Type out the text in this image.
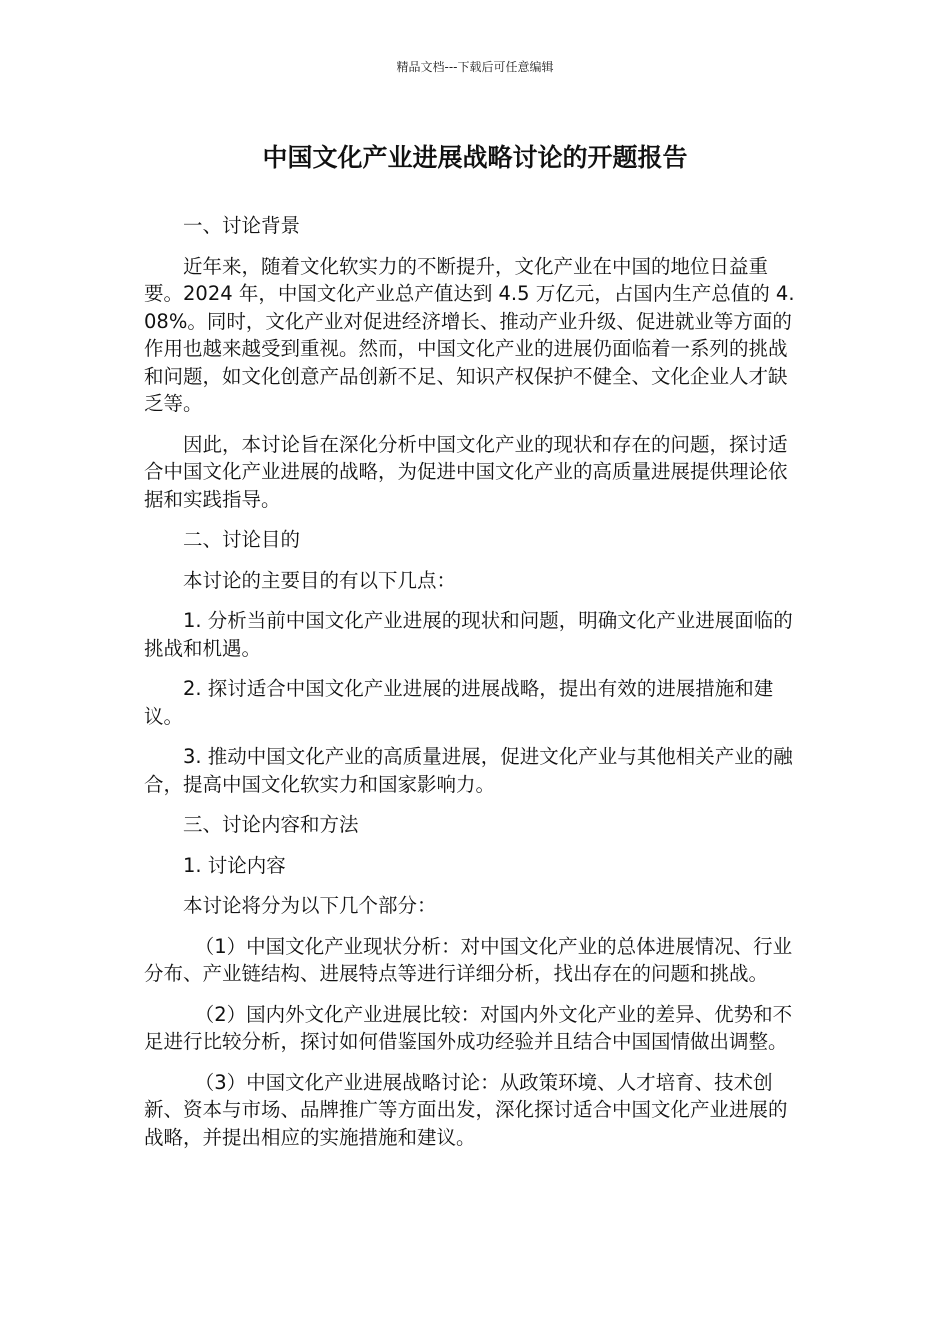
精品文档---下载后可任意编辑
中国文化产业进展战略讨论的开题报告

一、讨论背景

近年来，随着文化软实力的不断提升，文化产业在中国的地位日益重要。2024 年，中国文化产业总产值达到 4.5 万亿元，占国内生产总值的 4.08%。同时，文化产业对促进经济增长、推动产业升级、促进就业等方面的作用也越来越受到重视。然而，中国文化产业的进展仍面临着一系列的挑战和问题，如文化创意产品创新不足、知识产权保护不健全、文化企业人才缺乏等。

因此，本讨论旨在深化分析中国文化产业的现状和存在的问题，探讨适合中国文化产业进展的战略，为促进中国文化产业的高质量进展提供理论依据和实践指导。

二、讨论目的

本讨论的主要目的有以下几点：

1. 分析当前中国文化产业进展的现状和问题，明确文化产业进展面临的挑战和机遇。

2. 探讨适合中国文化产业进展的进展战略，提出有效的进展措施和建议。

3. 推动中国文化产业的高质量进展，促进文化产业与其他相关产业的融合，提高中国文化软实力和国家影响力。

三、讨论内容和方法

1. 讨论内容

本讨论将分为以下几个部分：

（1）中国文化产业现状分析：对中国文化产业的总体进展情况、行业分布、产业链结构、进展特点等进行详细分析，找出存在的问题和挑战。

（2）国内外文化产业进展比较：对国内外文化产业的差异、优势和不足进行比较分析，探讨如何借鉴国外成功经验并且结合中国国情做出调整。

（3）中国文化产业进展战略讨论：从政策环境、人才培育、技术创新、资本与市场、品牌推广等方面出发，深化探讨适合中国文化产业进展的战略，并提出相应的实施措施和建议。
